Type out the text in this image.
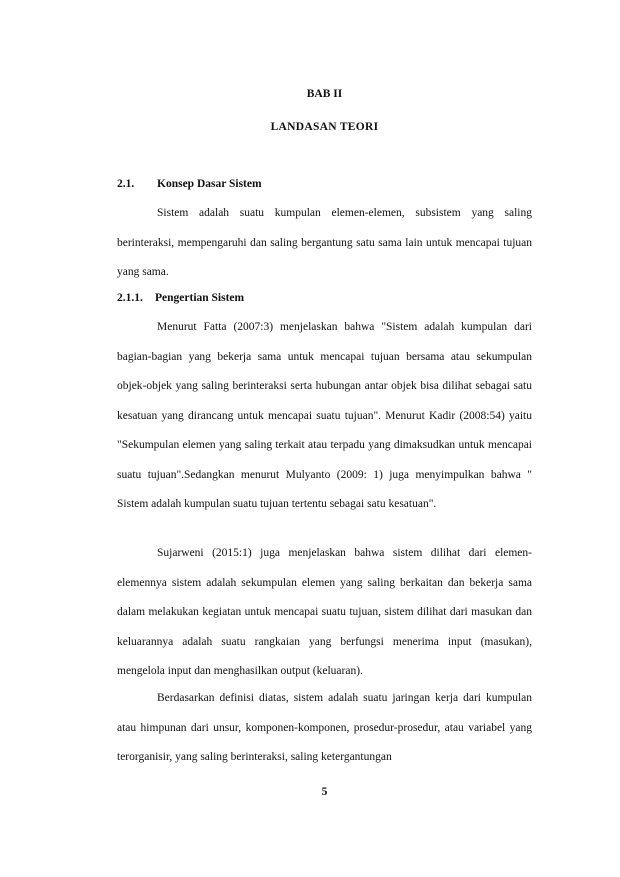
BAB II
LANDASAN TEORI
2.1. Konsep Dasar Sistem

Sistem adalah suatu kumpulan elemen-elemen, subsistem yang saling berinteraksi, mempengaruhi dan saling bergantung satu sama lain untuk mencapai tujuan yang sama.

2.1.1. Pengertian Sistem

Menurut Fatta (2007:3) menjelaskan bahwa "Sistem adalah kumpulan dari bagian-bagian yang bekerja sama untuk mencapai tujuan bersama atau sekumpulan objek-objek yang saling berinteraksi serta hubungan antar objek bisa dilihat sebagai satu kesatuan yang dirancang untuk mencapai suatu tujuan". Menurut Kadir (2008:54) yaitu "Sekumpulan elemen yang saling terkait atau terpadu yang dimaksudkan untuk mencapai suatu tujuan".Sedangkan menurut Mulyanto (2009: 1) juga menyimpulkan bahwa " Sistem adalah kumpulan suatu tujuan tertentu sebagai satu kesatuan".

Sujarweni (2015:1) juga menjelaskan bahwa sistem dilihat dari elemen-elemennya sistem adalah sekumpulan elemen yang saling berkaitan dan bekerja sama dalam melakukan kegiatan untuk mencapai suatu tujuan, sistem dilihat dari masukan dan keluarannya adalah suatu rangkaian yang berfungsi menerima input (masukan), mengelola input dan menghasilkan output (keluaran).

Berdasarkan definisi diatas, sistem adalah suatu jaringan kerja dari kumpulan atau himpunan dari unsur, komponen-komponen, prosedur-prosedur, atau variabel yang terorganisir, yang saling berinteraksi, saling ketergantungan

5
